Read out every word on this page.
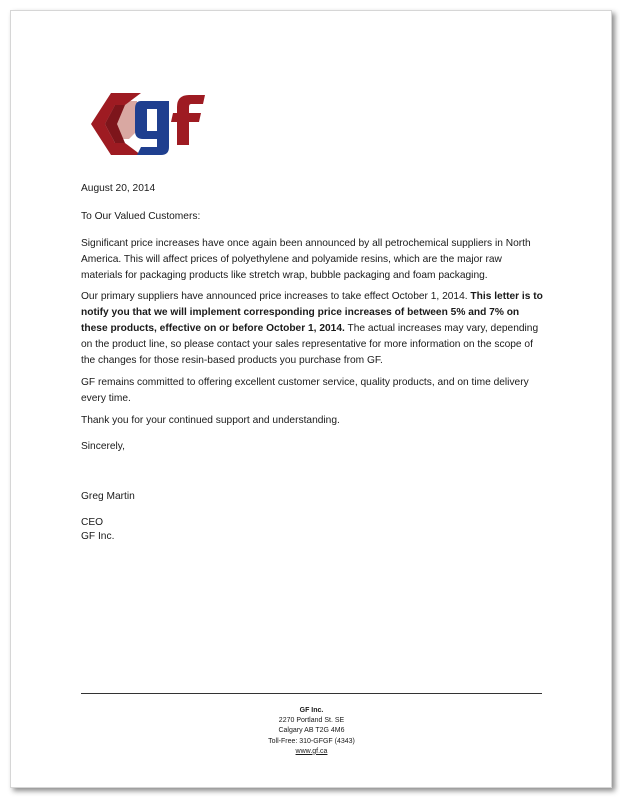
August 20, 2014

To Our Valued Customers:

Significant price increases have once again been announced by all petrochemical suppliers in North America. This will affect prices of polyethylene and polyamide resins, which are the major raw materials for packaging products like stretch wrap, bubble packaging and foam packaging.

Our primary suppliers have announced price increases to take effect October 1, 2014. This letter is to notify you that we will implement corresponding price increases of between 5% and 7% on these products, effective on or before October 1, 2014. The actual increases may vary, depending on the product line, so please contact your sales representative for more information on the scope of the changes for those resin-based products you purchase from GF.

GF remains committed to offering excellent customer service, quality products, and on time delivery every time.

Thank you for your continued support and understanding.

Sincerely,

Greg Martin

CEO

GF Inc.

GF Inc.
2270 Portland St. SE
Calgary AB T2G 4M6
Toll-Free: 310-GFGF (4343)
www.gf.ca
